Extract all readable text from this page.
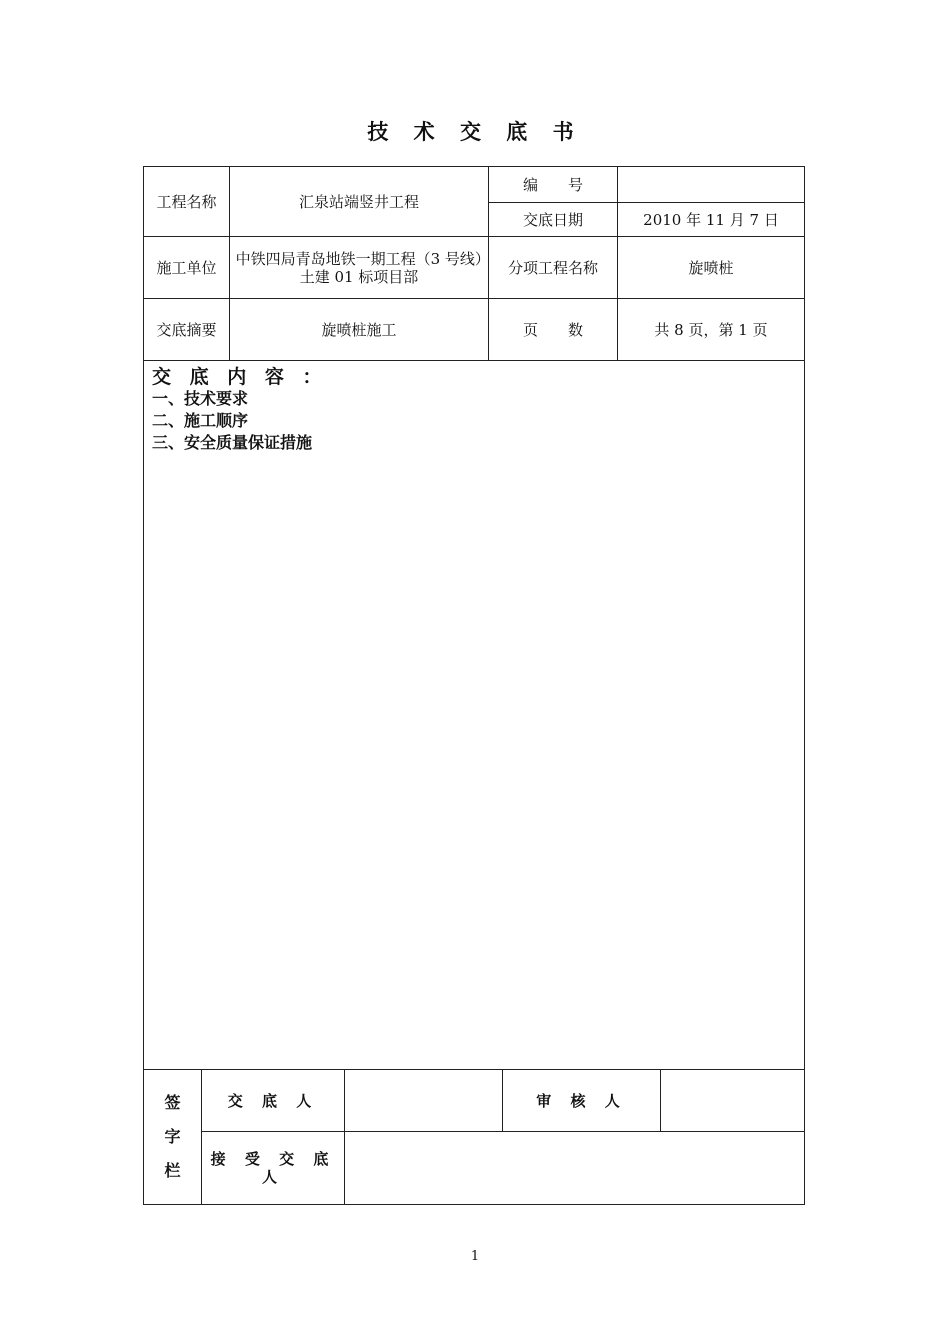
技 术 交 底 书
工程名称	汇泉站端竖井工程
编　　号
交底日期	2010 年 11 月 7 日
施工单位	中铁四局青岛地铁一期工程（3 号线）土建 01 标项目部	分项工程名称	旋喷桩
交底摘要	旋喷桩施工	页　　数	共 8 页，第 1 页
交 底 内 容 ：
一、技术要求
二、施工顺序
三、安全质量保证措施
签
字
栏
交 底 人	审 核 人
接 受 交 底 人
1
